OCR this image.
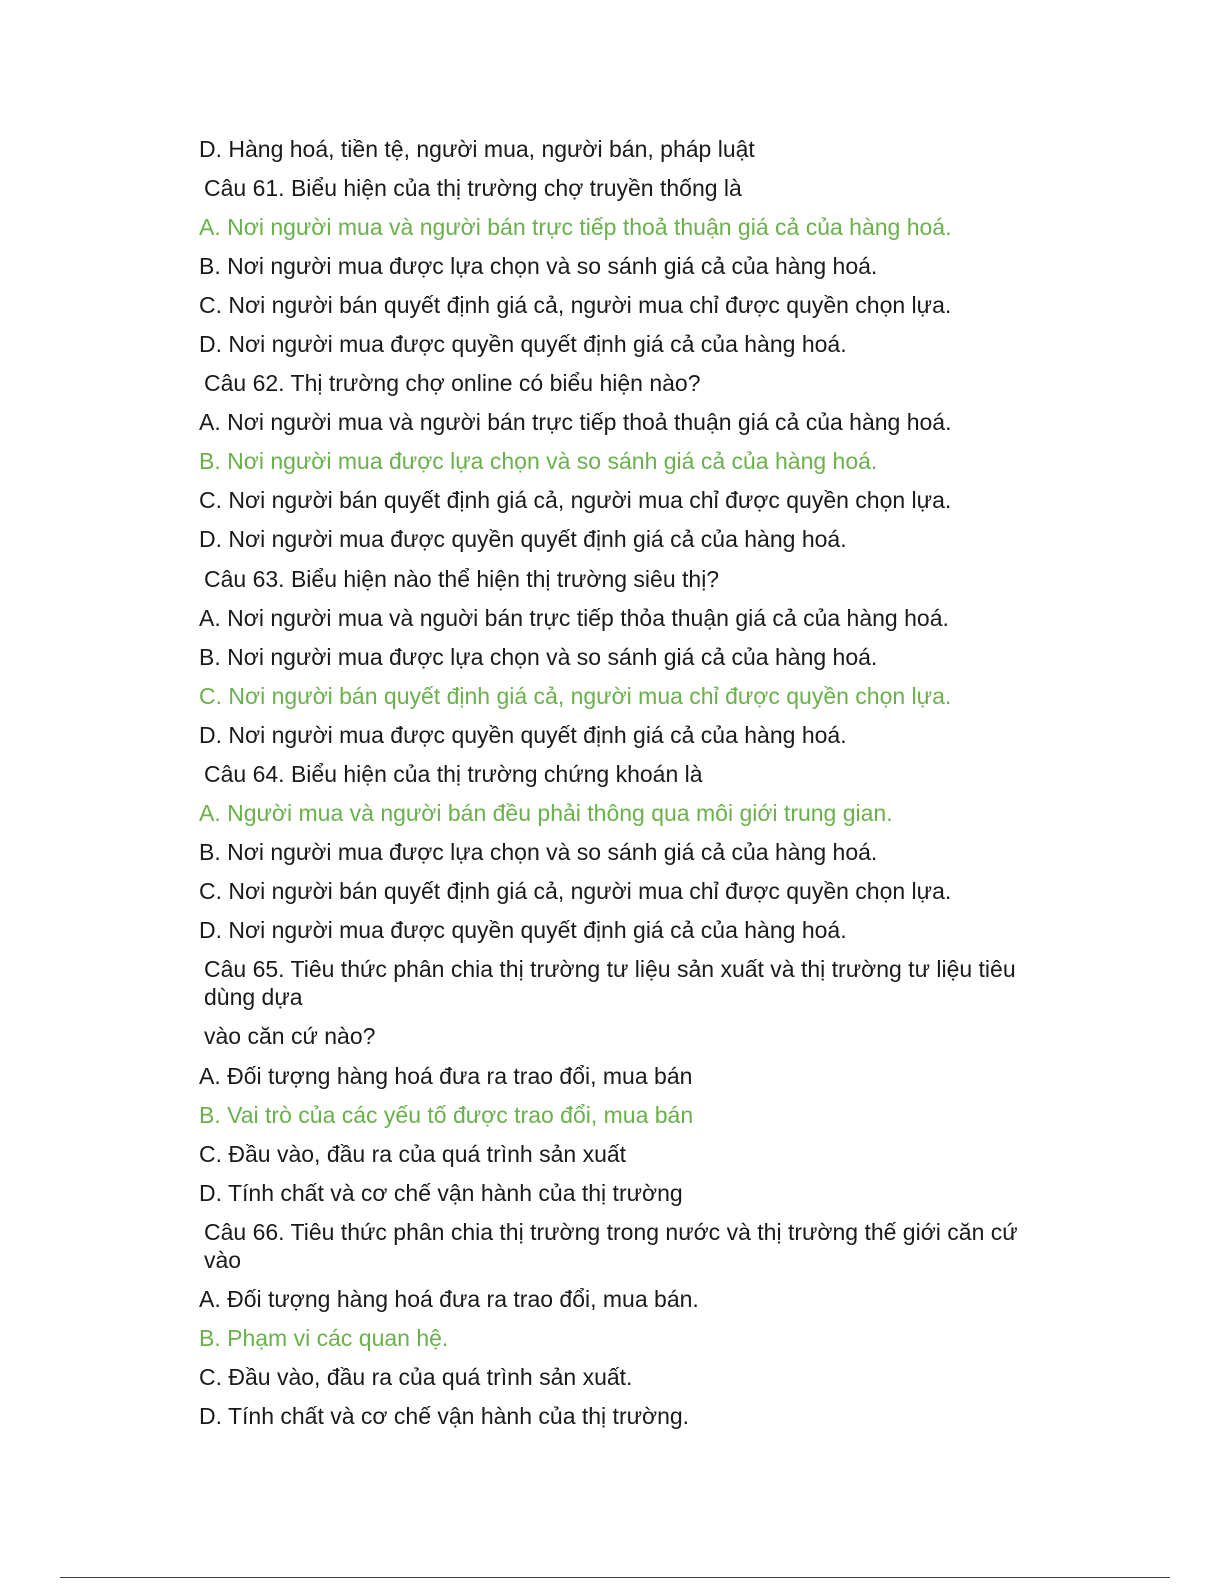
D. Hàng hoá, tiền tệ, người mua, người bán, pháp luật
Câu 61. Biểu hiện của thị trường chợ truyền thống là
A. Nơi người mua và người bán trực tiếp thoả thuận giá cả của hàng hoá.
B. Nơi người mua được lựa chọn và so sánh giá cả của hàng hoá.
C. Nơi người bán quyết định giá cả, người mua chỉ được quyền chọn lựa.
D. Nơi người mua được quyền quyết định giá cả của hàng hoá.
Câu 62. Thị trường chợ online có biểu hiện nào?
A. Nơi người mua và người bán trực tiếp thoả thuận giá cả của hàng hoá.
B. Nơi người mua được lựa chọn và so sánh giá cả của hàng hoá.
C. Nơi người bán quyết định giá cả, người mua chỉ được quyền chọn lựa.
D. Nơi người mua được quyền quyết định giá cả của hàng hoá.
Câu 63. Biểu hiện nào thể hiện thị trường siêu thị?
A. Nơi người mua và nguời bán trực tiếp thỏa thuận giá cả của hàng hoá.
B. Nơi người mua được lựa chọn và so sánh giá cả của hàng hoá.
C. Nơi người bán quyết định giá cả, người mua chỉ được quyền chọn lựa.
D. Nơi người mua được quyền quyết định giá cả của hàng hoá.
Câu 64. Biểu hiện của thị trường chứng khoán là
A. Người mua và người bán đều phải thông qua môi giới trung gian.
B. Nơi người mua được lựa chọn và so sánh giá cả của hàng hoá.
C. Nơi người bán quyết định giá cả, người mua chỉ được quyền chọn lựa.
D. Nơi người mua được quyền quyết định giá cả của hàng hoá.
Câu 65. Tiêu thức phân chia thị trường tư liệu sản xuất và thị trường tư liệu tiêu dùng dựa
vào căn cứ nào?
A. Đối tượng hàng hoá đưa ra trao đổi, mua bán
B. Vai trò của các yếu tố được trao đổi, mua bán
C. Đầu vào, đầu ra của quá trình sản xuất
D. Tính chất và cơ chế vận hành của thị trường
Câu 66. Tiêu thức phân chia thị trường trong nước và thị trường thế giới căn cứ vào
A. Đối tượng hàng hoá đưa ra trao đổi, mua bán.
B. Phạm vi các quan hệ.
C. Đầu vào, đầu ra của quá trình sản xuất.
D. Tính chất và cơ chế vận hành của thị trường.
